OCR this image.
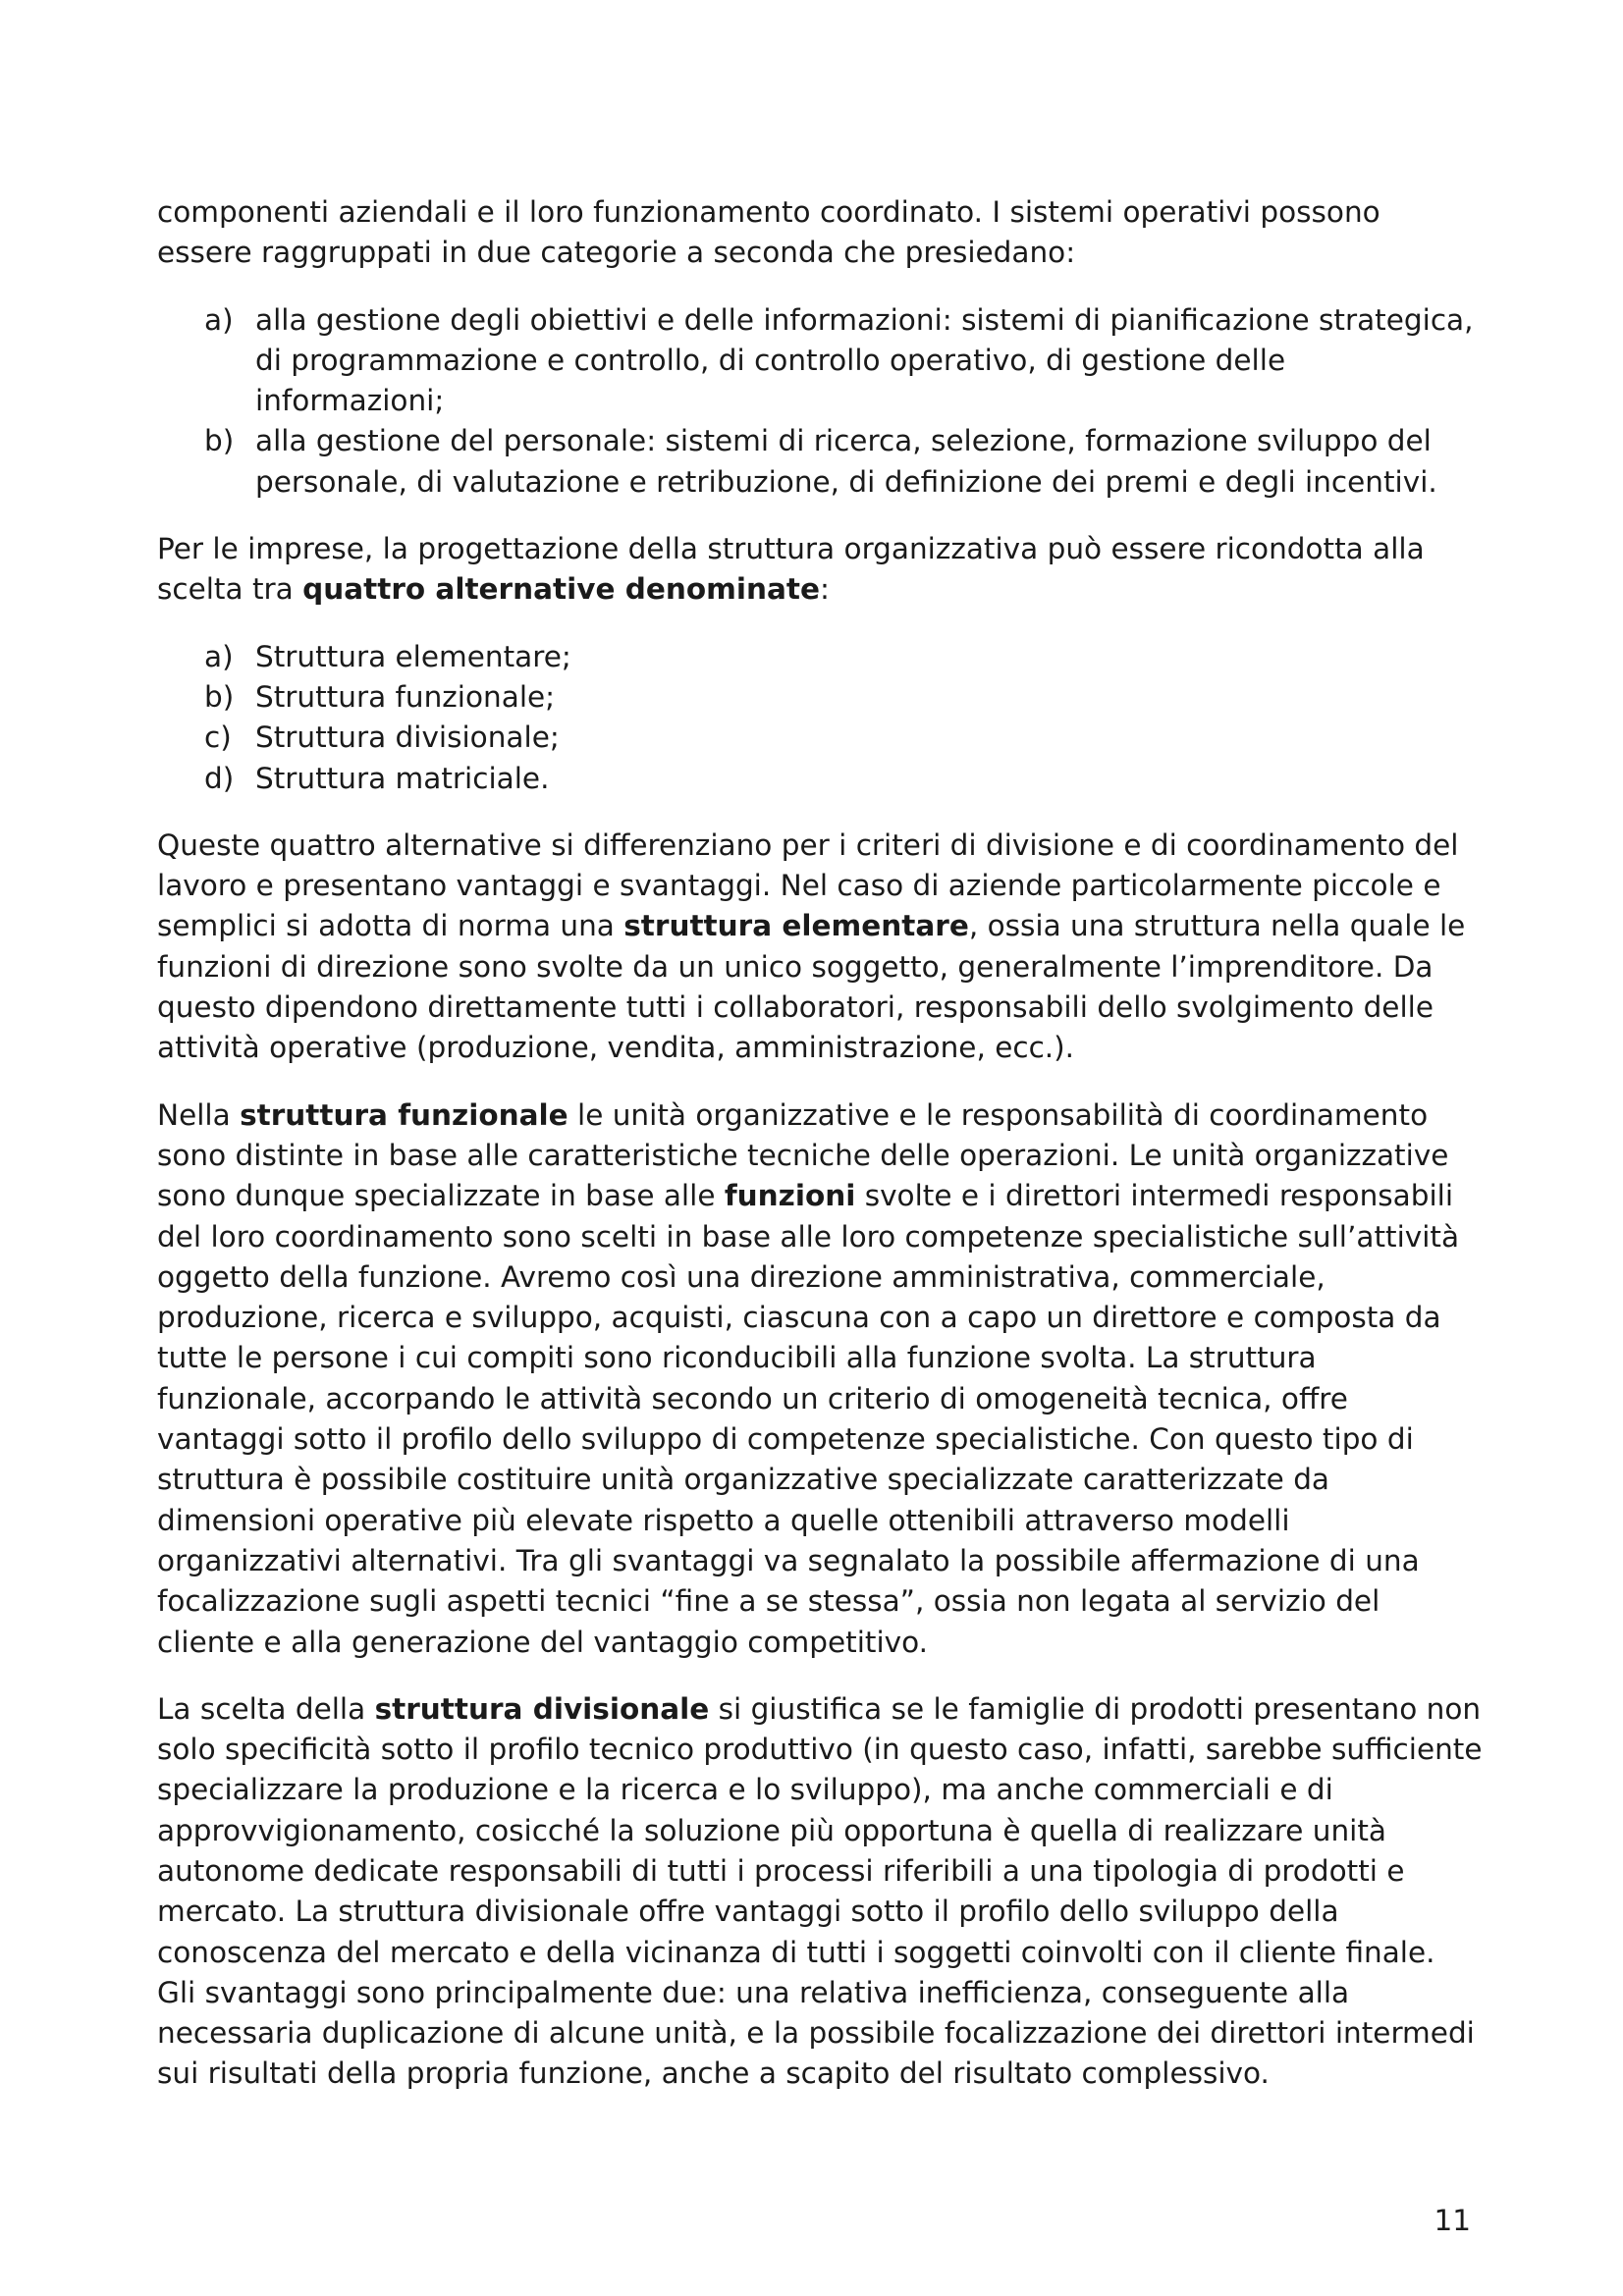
componenti aziendali e il loro funzionamento coordinato. I sistemi operativi possono essere raggruppati in due categorie a seconda che presiedano:

a) alla gestione degli obiettivi e delle informazioni: sistemi di pianificazione strategica, di programmazione e controllo, di controllo operativo, di gestione delle informazioni;
b) alla gestione del personale: sistemi di ricerca, selezione, formazione sviluppo del personale, di valutazione e retribuzione, di definizione dei premi e degli incentivi.

Per le imprese, la progettazione della struttura organizzativa può essere ricondotta alla scelta tra quattro alternative denominate:

a) Struttura elementare;
b) Struttura funzionale;
c) Struttura divisionale;
d) Struttura matriciale.

Queste quattro alternative si differenziano per i criteri di divisione e di coordinamento del lavoro e presentano vantaggi e svantaggi. Nel caso di aziende particolarmente piccole e semplici si adotta di norma una struttura elementare, ossia una struttura nella quale le funzioni di direzione sono svolte da un unico soggetto, generalmente l’imprenditore. Da questo dipendono direttamente tutti i collaboratori, responsabili dello svolgimento delle attività operative (produzione, vendita, amministrazione, ecc.).

Nella struttura funzionale le unità organizzative e le responsabilità di coordinamento sono distinte in base alle caratteristiche tecniche delle operazioni. Le unità organizzative sono dunque specializzate in base alle funzioni svolte e i direttori intermedi responsabili del loro coordinamento sono scelti in base alle loro competenze specialistiche sull’attività oggetto della funzione. Avremo così una direzione amministrativa, commerciale, produzione, ricerca e sviluppo, acquisti, ciascuna con a capo un direttore e composta da tutte le persone i cui compiti sono riconducibili alla funzione svolta. La struttura funzionale, accorpando le attività secondo un criterio di omogeneità tecnica, offre vantaggi sotto il profilo dello sviluppo di competenze specialistiche. Con questo tipo di struttura è possibile costituire unità organizzative specializzate caratterizzate da dimensioni operative più elevate rispetto a quelle ottenibili attraverso modelli organizzativi alternativi. Tra gli svantaggi va segnalato la possibile affermazione di una focalizzazione sugli aspetti tecnici “fine a se stessa”, ossia non legata al servizio del cliente e alla generazione del vantaggio competitivo.

La scelta della struttura divisionale si giustifica se le famiglie di prodotti presentano non solo specificità sotto il profilo tecnico produttivo (in questo caso, infatti, sarebbe sufficiente specializzare la produzione e la ricerca e lo sviluppo), ma anche commerciali e di approvvigionamento, cosicché la soluzione più opportuna è quella di realizzare unità autonome dedicate responsabili di tutti i processi riferibili a una tipologia di prodotti e mercato. La struttura divisionale offre vantaggi sotto il profilo dello sviluppo della conoscenza del mercato e della vicinanza di tutti i soggetti coinvolti con il cliente finale. Gli svantaggi sono principalmente due: una relativa inefficienza, conseguente alla necessaria duplicazione di alcune unità, e la possibile focalizzazione dei direttori intermedi sui risultati della propria funzione, anche a scapito del risultato complessivo.

11
